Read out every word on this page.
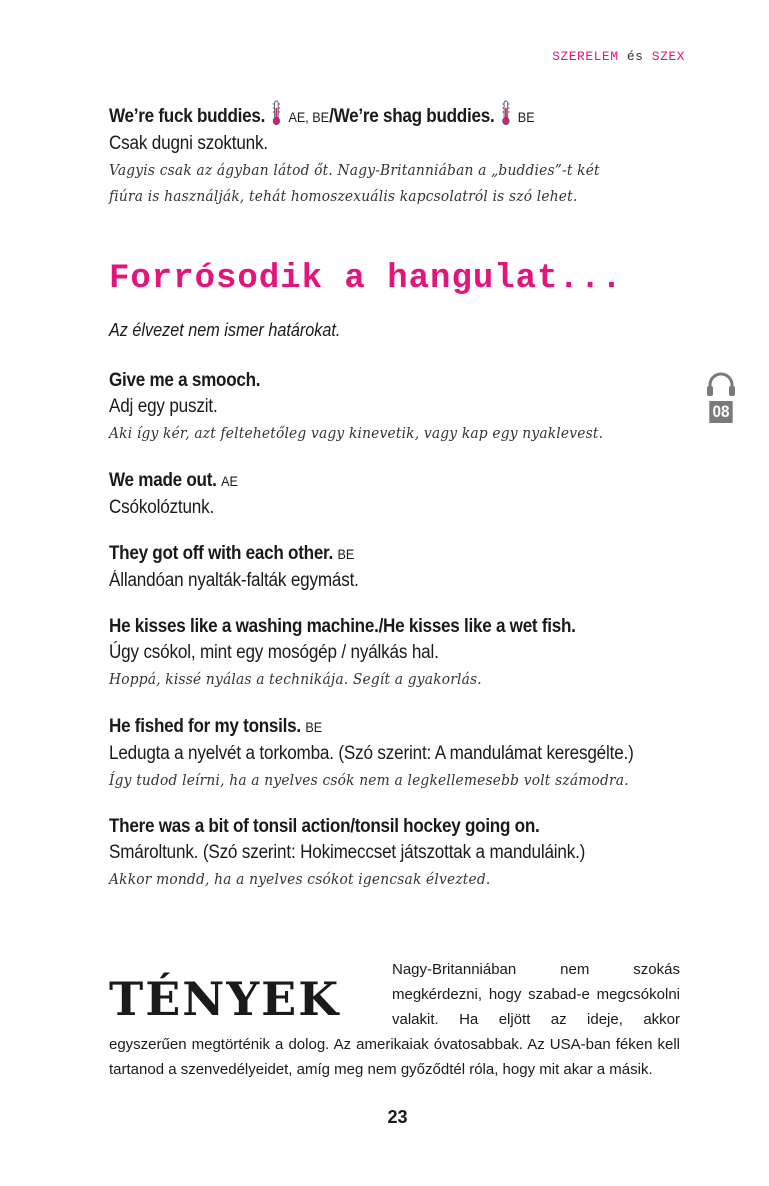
SZERELEM és SZEX
We’re fuck buddies. AE, BE/We’re shag buddies. BE
Csak dugni szoktunk.
Vagyis csak az ágyban látod őt. Nagy-Britanniában a „buddies”-t két
fiúra is használják, tehát homoszexuális kapcsolatról is szó lehet.
Forrósodik a hangulat...
Az élvezet nem ismer határokat.
08
Give me a smooch.
Adj egy puszit.
Aki így kér, azt feltehetőleg vagy kinevetik, vagy kap egy nyaklevest.
We made out. AE
Csókolóztunk.
They got off with each other. BE
Állandóan nyalták-falták egymást.
He kisses like a washing machine./He kisses like a wet fish.
Úgy csókol, mint egy mosógép / nyálkás hal.
Hoppá, kissé nyálas a technikája. Segít a gyakorlás.
He fished for my tonsils. BE
Ledugta a nyelvét a torkomba. (Szó szerint: A mandulámat keresgélte.)
Így tudod leírni, ha a nyelves csók nem a legkellemesebb volt számodra.
There was a bit of tonsil action/tonsil hockey going on.
Smároltunk. (Szó szerint: Hokimeccset játszottak a manduláink.)
Akkor mondd, ha a nyelves csókot igencsak élvezted.
TÉNYEK
Nagy-Britanniában nem szokás megkérdezni, hogy szabad-e megcsókolni valakit. Ha eljött az ideje, akkor egyszerűen megtörténik a dolog. Az amerikaiak óvatosabbak. Az USA-ban féken kell tartanod a szenvedélyeidet, amíg meg nem győződtél róla, hogy mit akar a másik.
23
